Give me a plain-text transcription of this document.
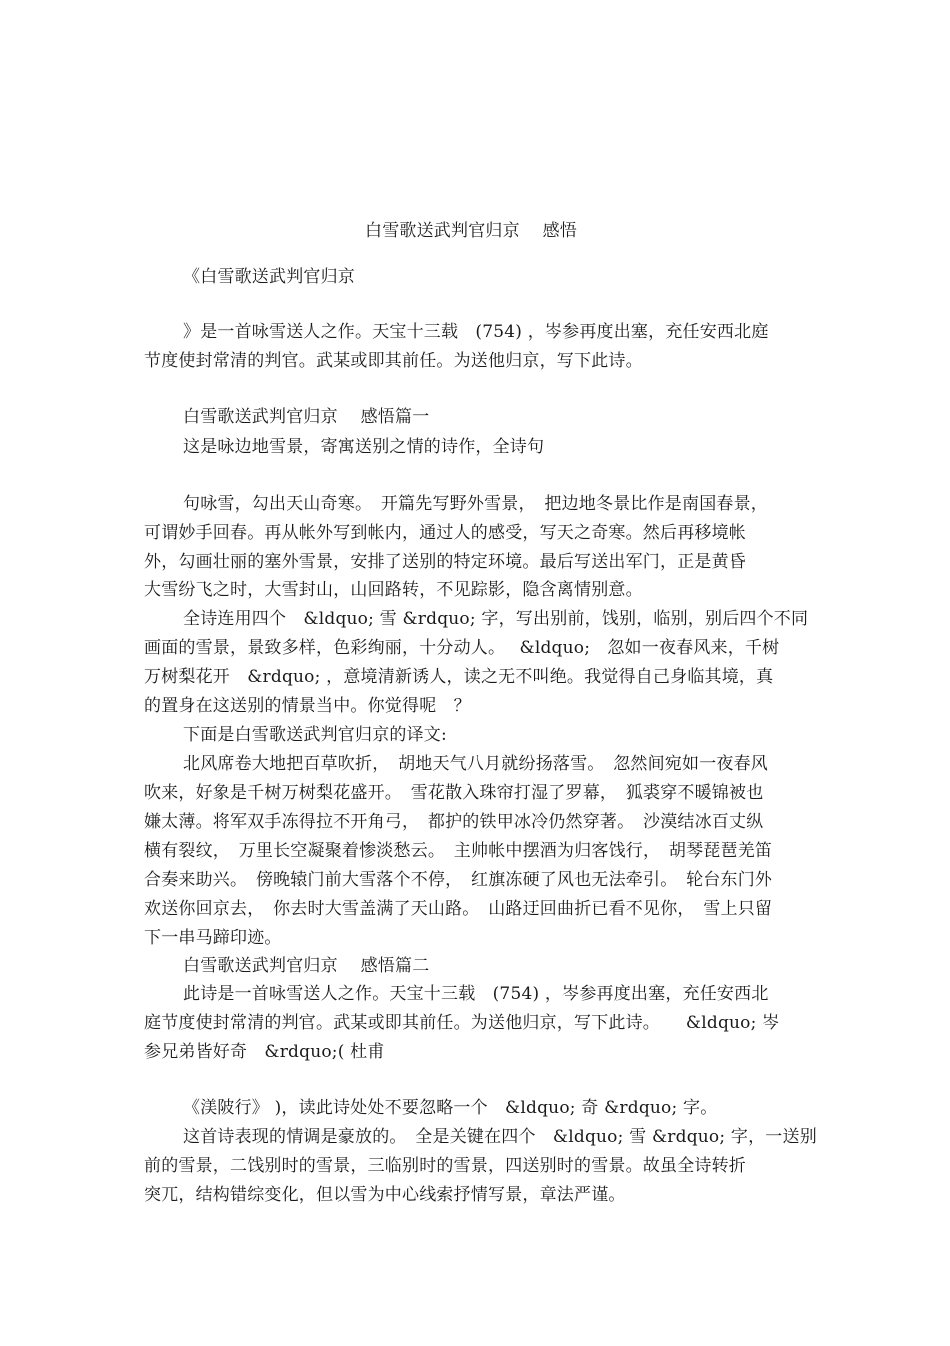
白雪歌送武判官归京　 感悟
《白雪歌送武判官归京
》是一首咏雪送人之作。天宝十三载　(754) ，岑参再度出塞，充任安西北庭
节度使封常清的判官。武某或即其前任。为送他归京，写下此诗。
白雪歌送武判官归京　 感悟篇一
这是咏边地雪景，寄寓送别之情的诗作，全诗句
句咏雪，勾出天山奇寒。　开篇先写野外雪景，　把边地冬景比作是南国春景，
可谓妙手回春。再从帐外写到帐内，通过人的感受，写天之奇寒。然后再移境帐
外，勾画壮丽的塞外雪景，安排了送别的特定环境。最后写送出军门，正是黄昏
大雪纷飞之时，大雪封山，山回路转，不见踪影，隐含离情别意。
全诗连用四个　&ldquo; 雪 &rdquo; 字，写出别前，饯别，临别，别后四个不同
画面的雪景，景致多样，色彩绚丽，十分动人。　 &ldquo;　忽如一夜春风来，千树
万树梨花开　&rdquo; ，意境清新诱人，读之无不叫绝。我觉得自己身临其境，真
的置身在这送别的情景当中。你觉得呢　？
下面是白雪歌送武判官归京的译文:
北风席卷大地把百草吹折，　胡地天气八月就纷扬落雪。　忽然间宛如一夜春风
吹来，好象是千树万树梨花盛开。　雪花散入珠帘打湿了罗幕，　狐裘穿不暖锦被也
嫌太薄。将军双手冻得拉不开角弓，　都护的铁甲冰冷仍然穿著。　沙漠结冰百丈纵
横有裂纹，　万里长空凝聚着惨淡愁云。　主帅帐中摆酒为归客饯行，　胡琴琵琶羌笛
合奏来助兴。　傍晚辕门前大雪落个不停，　红旗冻硬了风也无法牵引。　轮台东门外
欢送你回京去，　你去时大雪盖满了天山路。　山路迂回曲折已看不见你，　雪上只留
下一串马蹄印迹。
白雪歌送武判官归京　 感悟篇二
此诗是一首咏雪送人之作。天宝十三载　(754) ，岑参再度出塞，充任安西北
庭节度使封常清的判官。武某或即其前任。为送他归京，写下此诗。　　&ldquo; 岑
参兄弟皆好奇　&rdquo;( 杜甫
《渼陂行》 )，读此诗处处不要忽略一个　&ldquo; 奇 &rdquo; 字。
这首诗表现的情调是豪放的。　全是关键在四个　&ldquo; 雪 &rdquo; 字，一送别
前的雪景，二饯别时的雪景，三临别时的雪景，四送别时的雪景。故虽全诗转折
突兀，结构错综变化，但以雪为中心线索抒情写景，章法严谨。
